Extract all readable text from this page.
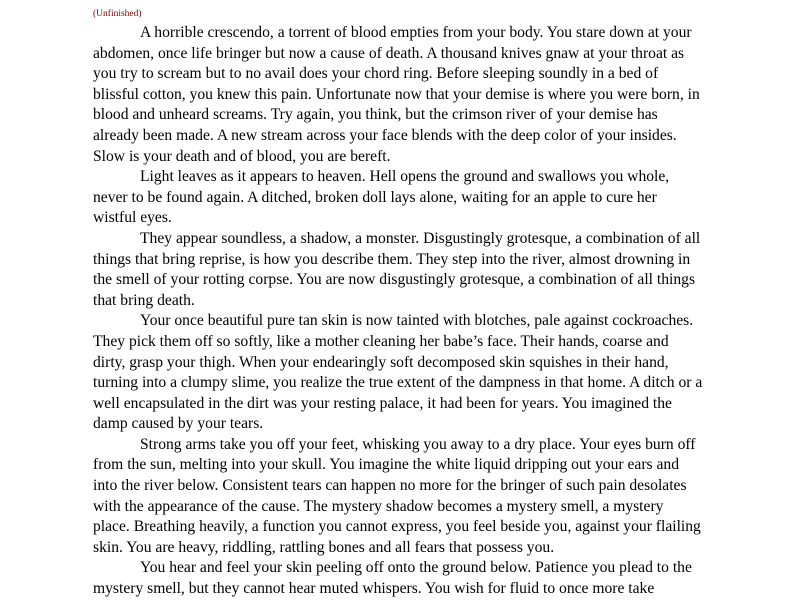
(Unfinished)

A horrible crescendo, a torrent of blood empties from your body. You stare down at your abdomen, once life bringer but now a cause of death. A thousand knives gnaw at your throat as you try to scream but to no avail does your chord ring. Before sleeping soundly in a bed of blissful cotton, you knew this pain. Unfortunate now that your demise is where you were born, in blood and unheard screams. Try again, you think, but the crimson river of your demise has already been made. A new stream across your face blends with the deep color of your insides. Slow is your death and of blood, you are bereft.

Light leaves as it appears to heaven. Hell opens the ground and swallows you whole, never to be found again. A ditched, broken doll lays alone, waiting for an apple to cure her wistful eyes.

They appear soundless, a shadow, a monster. Disgustingly grotesque, a combination of all things that bring reprise, is how you describe them. They step into the river, almost drowning in the smell of your rotting corpse. You are now disgustingly grotesque, a combination of all things that bring death.

Your once beautiful pure tan skin is now tainted with blotches, pale against cockroaches. They pick them off so softly, like a mother cleaning her babe’s face. Their hands, coarse and dirty, grasp your thigh. When your endearingly soft decomposed skin squishes in their hand, turning into a clumpy slime, you realize the true extent of the dampness in that home. A ditch or a well encapsulated in the dirt was your resting palace, it had been for years. You imagined the damp caused by your tears.

Strong arms take you off your feet, whisking you away to a dry place. Your eyes burn off from the sun, melting into your skull. You imagine the white liquid dripping out your ears and into the river below. Consistent tears can happen no more for the bringer of such pain desolates with the appearance of the cause. The mystery shadow becomes a mystery smell, a mystery place. Breathing heavily, a function you cannot express, you feel beside you, against your flailing skin. You are heavy, riddling, rattling bones and all fears that possess you.

You hear and feel your skin peeling off onto the ground below. Patience you plead to the mystery smell, but they cannot hear muted whispers. You wish for fluid to once more take
